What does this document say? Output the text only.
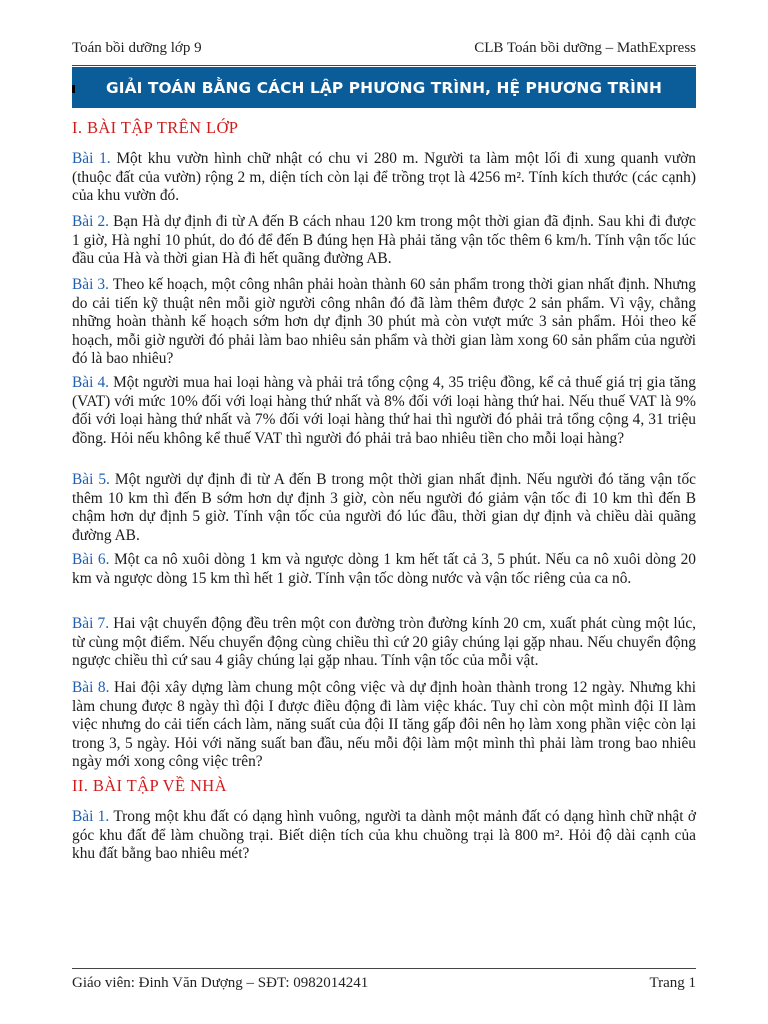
Toán bồi dưỡng lớp 9	CLB Toán bồi dưỡng – MathExpress
GIẢI TOÁN BẰNG CÁCH LẬP PHƯƠNG TRÌNH, HỆ PHƯƠNG TRÌNH
I. BÀI TẬP TRÊN LỚP
Bài 1. Một khu vườn hình chữ nhật có chu vi 280 m. Người ta làm một lối đi xung quanh vườn (thuộc đất của vườn) rộng 2 m, diện tích còn lại để trồng trọt là 4256 m². Tính kích thước (các cạnh) của khu vườn đó.
Bài 2. Bạn Hà dự định đi từ A đến B cách nhau 120 km trong một thời gian đã định. Sau khi đi được 1 giờ, Hà nghỉ 10 phút, do đó để đến B đúng hẹn Hà phải tăng vận tốc thêm 6 km/h. Tính vận tốc lúc đầu của Hà và thời gian Hà đi hết quãng đường AB.
Bài 3. Theo kế hoạch, một công nhân phải hoàn thành 60 sản phẩm trong thời gian nhất định. Nhưng do cải tiến kỹ thuật nên mỗi giờ người công nhân đó đã làm thêm được 2 sản phẩm. Vì vậy, chẳng những hoàn thành kế hoạch sớm hơn dự định 30 phút mà còn vượt mức 3 sản phẩm. Hỏi theo kế hoạch, mỗi giờ người đó phải làm bao nhiêu sản phẩm và thời gian làm xong 60 sản phẩm của người đó là bao nhiêu?
Bài 4. Một người mua hai loại hàng và phải trả tổng cộng 4, 35 triệu đồng, kể cả thuế giá trị gia tăng (VAT) với mức 10% đối với loại hàng thứ nhất và 8% đối với loại hàng thứ hai. Nếu thuế VAT là 9% đối với loại hàng thứ nhất và 7% đối với loại hàng thứ hai thì người đó phải trả tổng cộng 4, 31 triệu đồng. Hỏi nếu không kể thuế VAT thì người đó phải trả bao nhiêu tiền cho mỗi loại hàng?
Bài 5. Một người dự định đi từ A đến B trong một thời gian nhất định. Nếu người đó tăng vận tốc thêm 10 km thì đến B sớm hơn dự định 3 giờ, còn nếu người đó giảm vận tốc đi 10 km thì đến B chậm hơn dự định 5 giờ. Tính vận tốc của người đó lúc đầu, thời gian dự định và chiều dài quãng đường AB.
Bài 6. Một ca nô xuôi dòng 1 km và ngược dòng 1 km hết tất cả 3, 5 phút. Nếu ca nô xuôi dòng 20 km và ngược dòng 15 km thì hết 1 giờ. Tính vận tốc dòng nước và vận tốc riêng của ca nô.
Bài 7. Hai vật chuyển động đều trên một con đường tròn đường kính 20 cm, xuất phát cùng một lúc, từ cùng một điểm. Nếu chuyển động cùng chiều thì cứ 20 giây chúng lại gặp nhau. Nếu chuyển động ngược chiều thì cứ sau 4 giây chúng lại gặp nhau. Tính vận tốc của mỗi vật.
Bài 8. Hai đội xây dựng làm chung một công việc và dự định hoàn thành trong 12 ngày. Nhưng khi làm chung được 8 ngày thì đội I được điều động đi làm việc khác. Tuy chỉ còn một mình đội II làm việc nhưng do cải tiến cách làm, năng suất của đội II tăng gấp đôi nên họ làm xong phần việc còn lại trong 3, 5 ngày. Hỏi với năng suất ban đầu, nếu mỗi đội làm một mình thì phải làm trong bao nhiêu ngày mới xong công việc trên?
II. BÀI TẬP VỀ NHÀ
Bài 1. Trong một khu đất có dạng hình vuông, người ta dành một mảnh đất có dạng hình chữ nhật ở góc khu đất để làm chuồng trại. Biết diện tích của khu chuồng trại là 800 m². Hỏi độ dài cạnh của khu đất bằng bao nhiêu mét?
Giáo viên: Đinh Văn Dượng – SĐT: 0982014241	Trang 1
